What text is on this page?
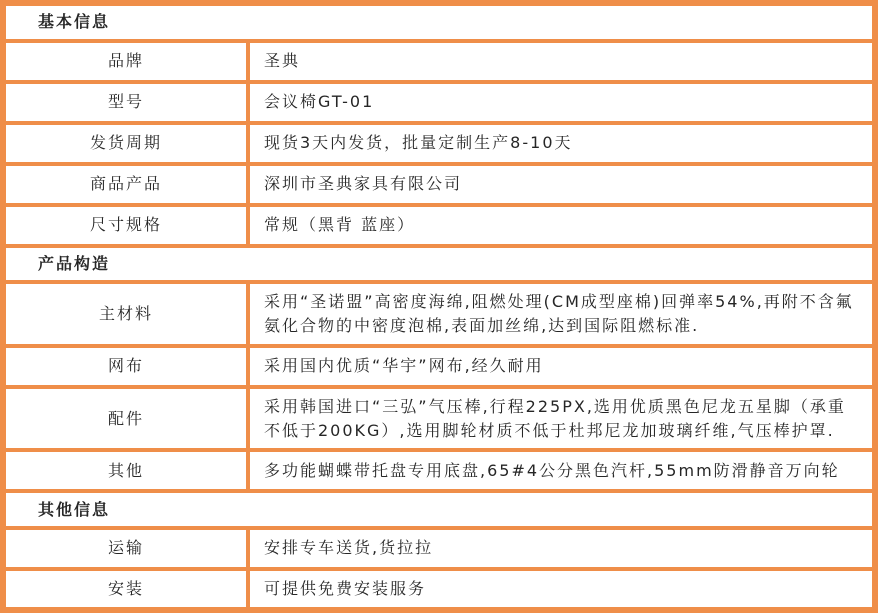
基本信息	
品牌	圣典
型号	会议椅GT-01
发货周期	现货3天内发货，批量定制生产8-10天
商品产品	深圳市圣典家具有限公司
尺寸规格	常规（黑背 蓝座）
产品构造	
主材料	采用“圣诺盟”高密度海绵,阻燃处理(CM成型座棉)回弹率54%,再附不含氟氨化合物的中密度泡棉,表面加丝绵,达到国际阻燃标准.
网布	采用国内优质“华宇”网布,经久耐用
配件	采用韩国进口“三弘”气压棒,行程225PX,选用优质黑色尼龙五星脚（承重不低于200KG）,选用脚轮材质不低于杜邦尼龙加玻璃纤维,气压棒护罩.
其他	多功能蝴蝶带托盘专用底盘,65#4公分黑色汽杆,55mm防滑静音万向轮
其他信息	
运输	安排专车送货,货拉拉
安装	可提供免费安装服务
